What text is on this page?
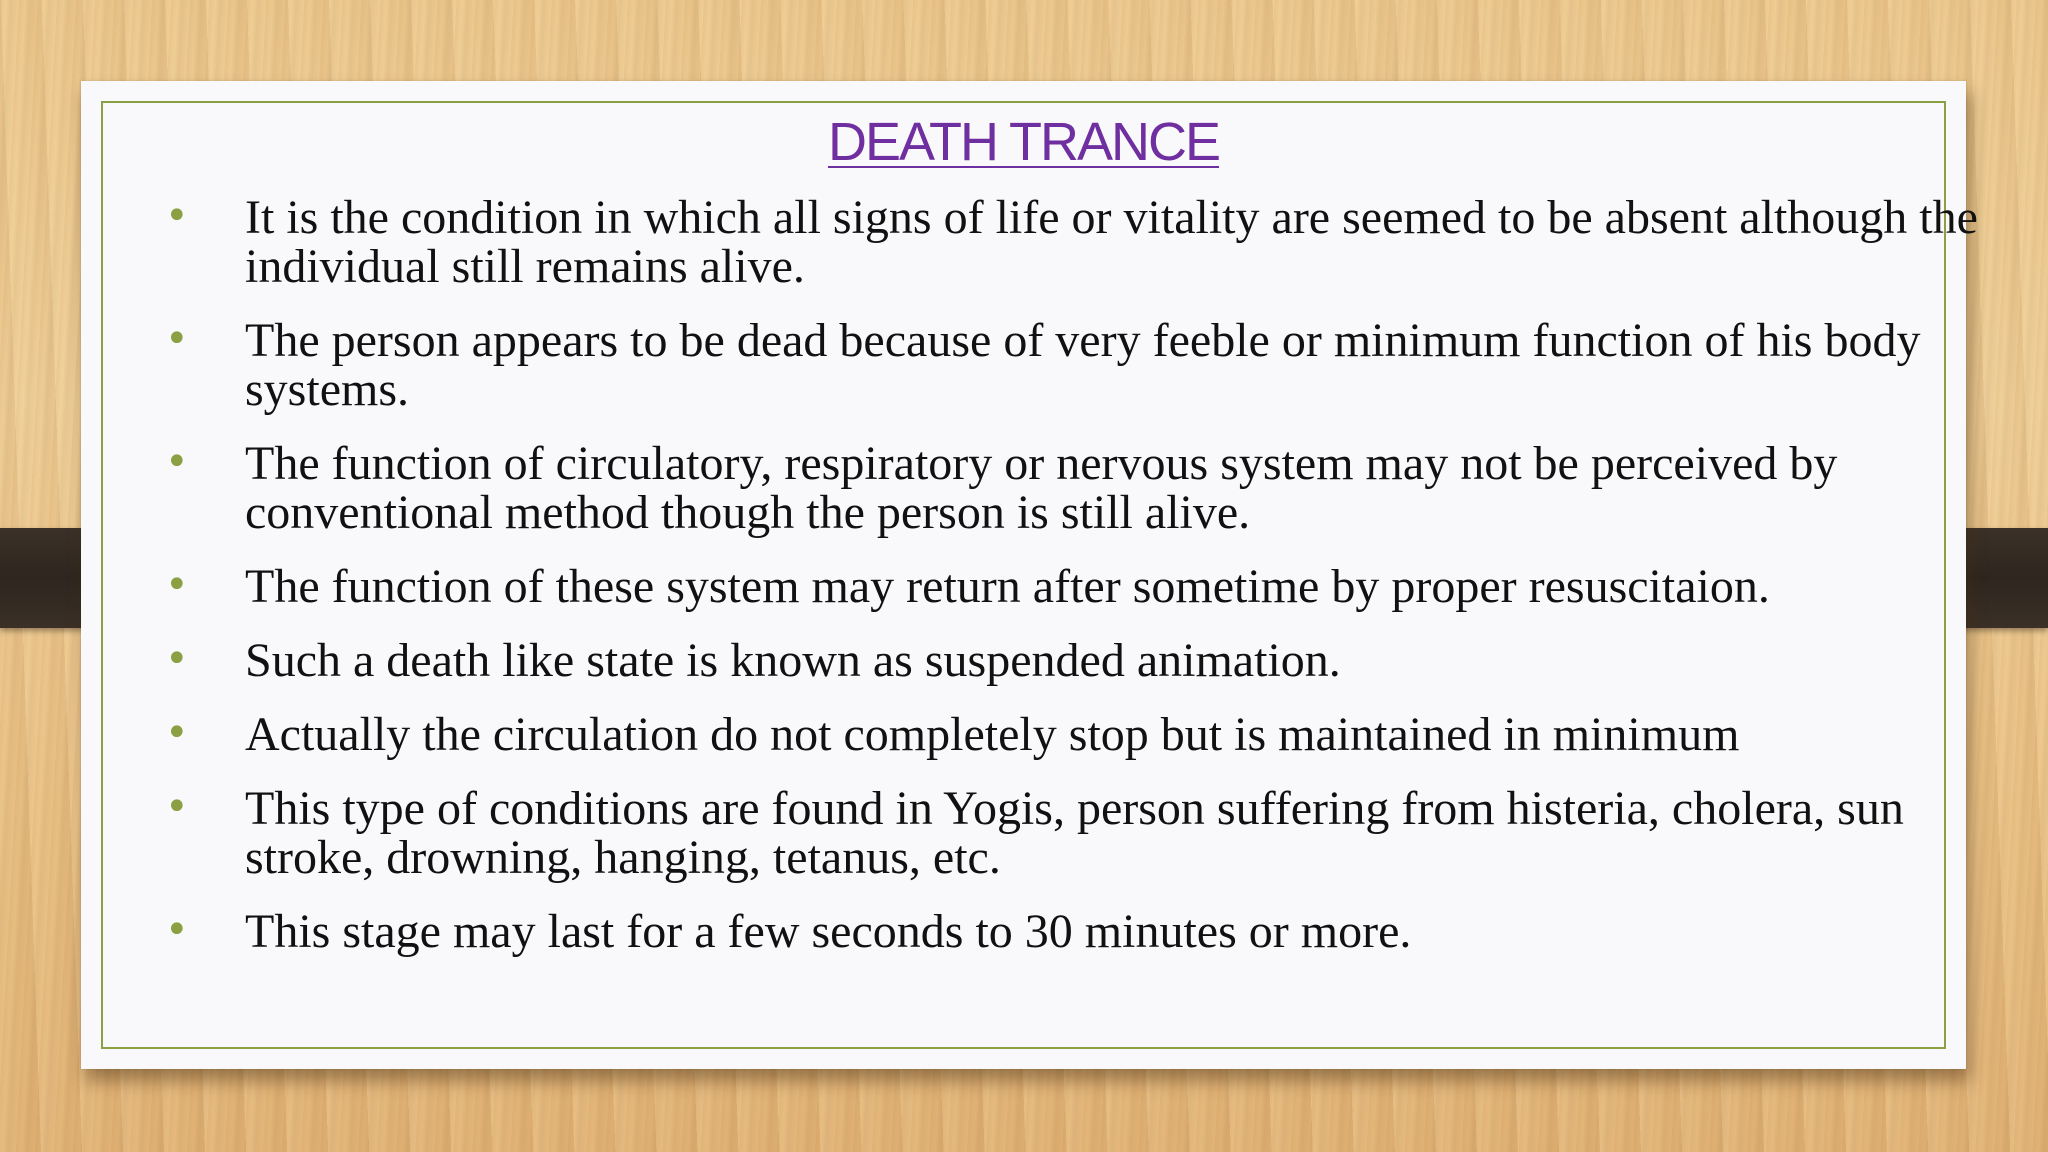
DEATH TRANCE
• It is the condition in which all signs of life or vitality are seemed to be absent although the individual still remains alive.
• The person appears to be dead because of very feeble or minimum function of his body systems.
• The function of circulatory, respiratory or nervous system may not be perceived by conventional method though the person is still alive.
• The function of these system may return after sometime by proper resuscitaion.
• Such a death like state is known as suspended animation.
• Actually the circulation do not completely stop but is maintained in minimum
• This type of conditions are found in Yogis, person suffering from histeria, cholera, sun stroke, drowning, hanging, tetanus, etc.
• This stage may last for a few seconds to 30 minutes or more.
